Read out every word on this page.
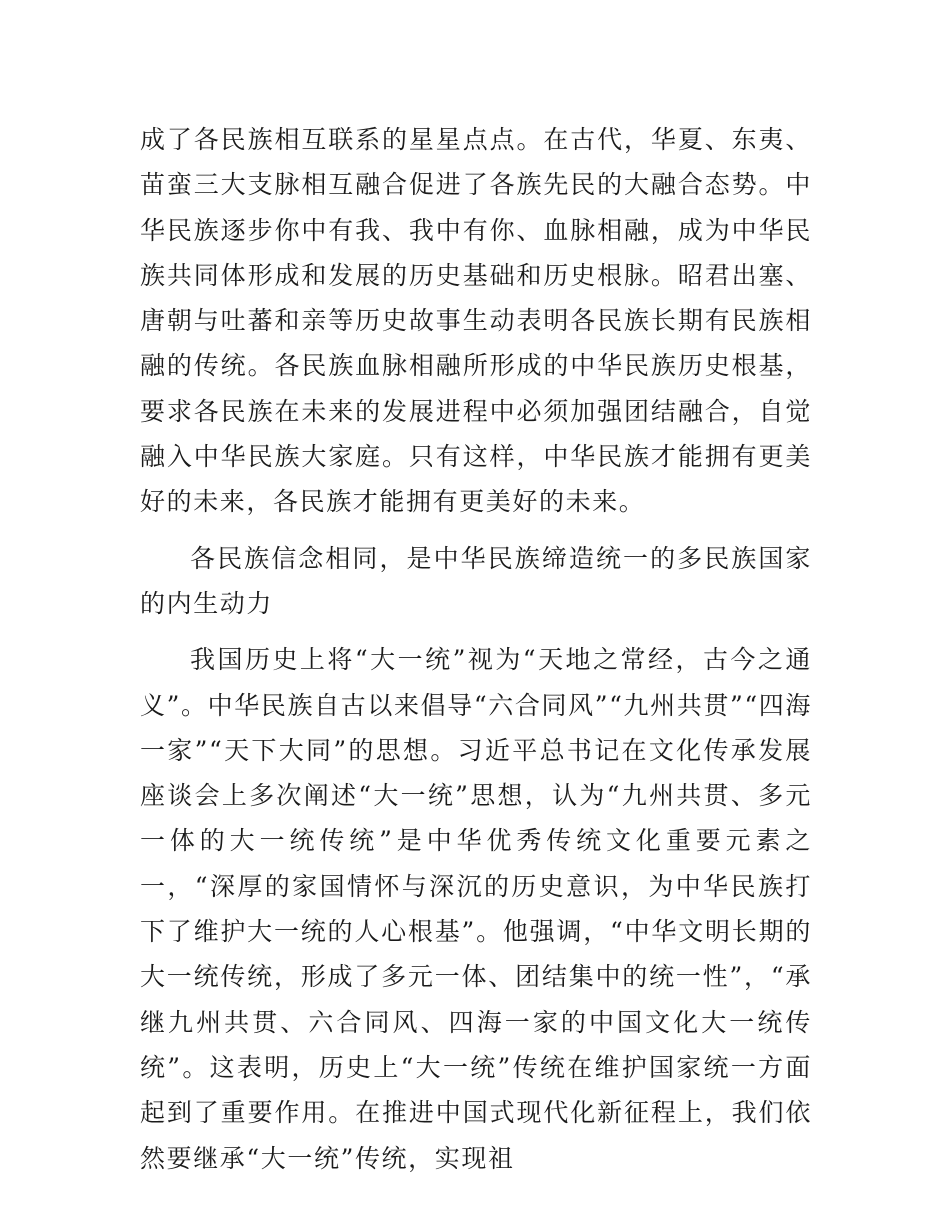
成了各民族相互联系的星星点点。在古代，华夏、东夷、苗蛮三大支脉相互融合促进了各族先民的大融合态势。中华民族逐步你中有我、我中有你、血脉相融，成为中华民族共同体形成和发展的历史基础和历史根脉。昭君出塞、唐朝与吐蕃和亲等历史故事生动表明各民族长期有民族相融的传统。各民族血脉相融所形成的中华民族历史根基，要求各民族在未来的发展进程中必须加强团结融合，自觉融入中华民族大家庭。只有这样，中华民族才能拥有更美好的未来，各民族才能拥有更美好的未来。

各民族信念相同，是中华民族缔造统一的多民族国家的内生动力

我国历史上将“大一统”视为“天地之常经，古今之通义”。中华民族自古以来倡导“六合同风”“九州共贯”“四海一家”“天下大同”的思想。习近平总书记在文化传承发展座谈会上多次阐述“大一统”思想，认为“九州共贯、多元一体的大一统传统”是中华优秀传统文化重要元素之一，“深厚的家国情怀与深沉的历史意识，为中华民族打下了维护大一统的人心根基”。他强调，“中华文明长期的大一统传统，形成了多元一体、团结集中的统一性”，“承继九州共贯、六合同风、四海一家的中国文化大一统传统”。这表明，历史上“大一统”传统在维护国家统一方面起到了重要作用。在推进中国式现代化新征程上，我们依然要继承“大一统”传统，实现祖
